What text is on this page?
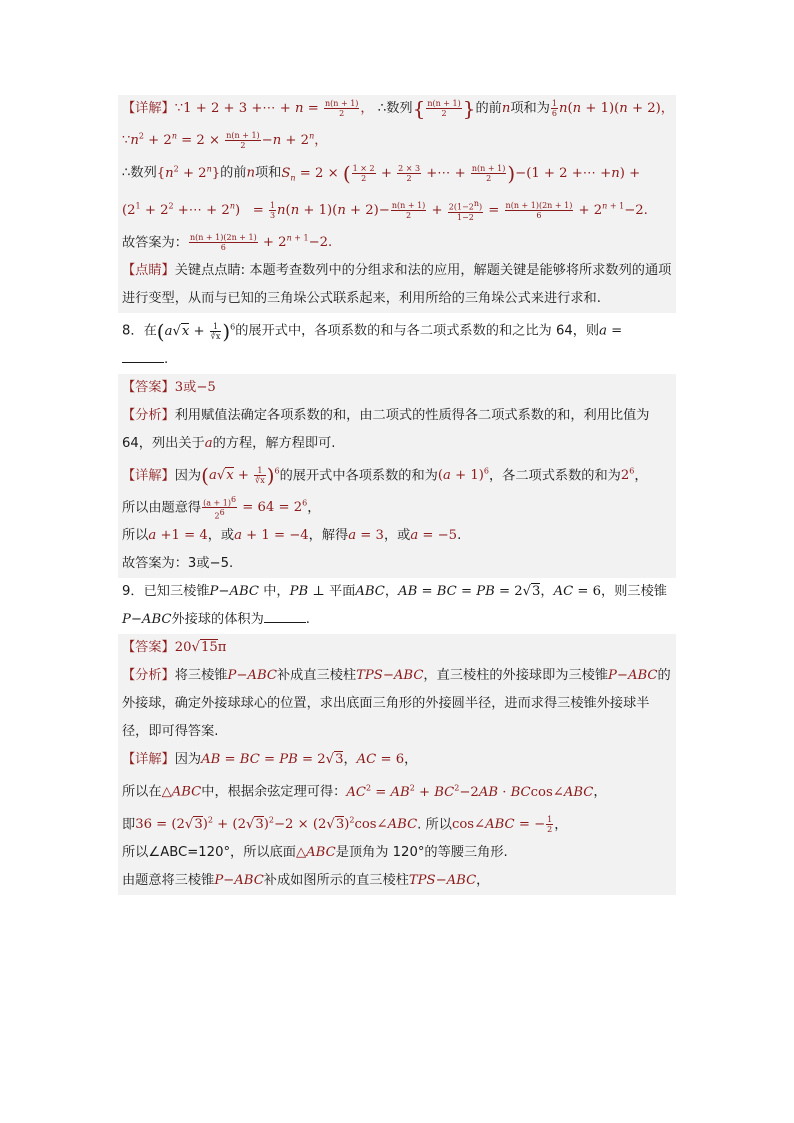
【详解】∵1 + 2 + 3 +⋯ + $n = \frac{n(n + 1)}{2}$ ， ∴数列{ $\frac{n(n + 1)}{2}$ }的前n项和为 $\frac{1}{6} n(n + 1)(n + 2)$，
$\because n^2 + 2^n = 2 \times \frac{n(n + 1)}{2} -n + 2^n$，
∴数列$\{n^2 + 2^n\}$的前n项和$S_n = 2$ × ( $\frac{1 \times 2}{2} + \frac{2 \times 3}{2}$ +⋯ + $\frac{n(n + 1)}{2} )-(1 + 2$ +⋯ +n) +
($2^1 + 2^2$ +⋯ + $2^n) = \frac{1}{3} n(n + 1)(n + 2)- \frac{n(n + 1)}{2} + \frac{2(1-2^n)}{1-2} = \frac{n(n + 1)(2n + 1)}{6} + 2^{n + 1}-2$.
故答案为： $\frac{n(n + 1)(2n + 1)}{6} + 2^{n + 1}-2$.
【点睛】关键点点睛: 本题考查数列中的分组求和法的应用，解题关键是能够将所求数列的通项进行变型，从而与已知的三角垛公式联系起来，利用所给的三角垛公式来进行求和.
8．在$(a√x + \frac{1}{∛x} )^6$的展开式中，各项系数的和与各二项式系数的和之比为 64，则a =
.
【答案】3或−5
【分析】利用赋值法确定各项系数的和，由二项式的性质得各二项式系数的和，利用比值为 64，列出关于a的方程，解方程即可.
【详解】因为$(a√x + \frac{1}{∛x} )^6$的展开式中各项系数的和为$(a + 1)^6$，各二项式系数的和为$2^6$，
所以由题意得 $\frac{(a + 1)^6}{2^6} = 64 = 2^6$，
所以a +1 = 4，或a + 1 = −4，解得a = 3，或a = −5.
故答案为：3或−5.
9．已知三棱锥P−ABC 中，PB ⊥ 平面ABC，AB = BC = PB = 2√3，AC = 6，则三棱锥
P−ABC外接球的体积为	.
【答案】20√15π
【分析】将三棱锥P−ABC补成直三棱柱TPS−ABC，直三棱柱的外接球即为三棱锥P−ABC的外接球，确定外接球球心的位置，求出底面三角形的外接圆半径，进而求得三棱锥外接球半径，即可得答案.
【详解】因为AB = BC = PB = 2√3，AC = 6，
所以在△ABC中，根据余弦定理可得：$AC^2 = AB^2 + BC^2-2AB$ · BCcos∠ABC，
即$36 = (2√3)^2 + (2√3)^2-2$ × $(2√3)^2\cos\angle ABC$. 所以cos∠ABC = − $\frac{1}{2}$ ，
所以∠ABC=120°，所以底面△ABC是顶角为 120°的等腰三角形.
由题意将三棱锥P−ABC补成如图所示的直三棱柱TPS−ABC，
